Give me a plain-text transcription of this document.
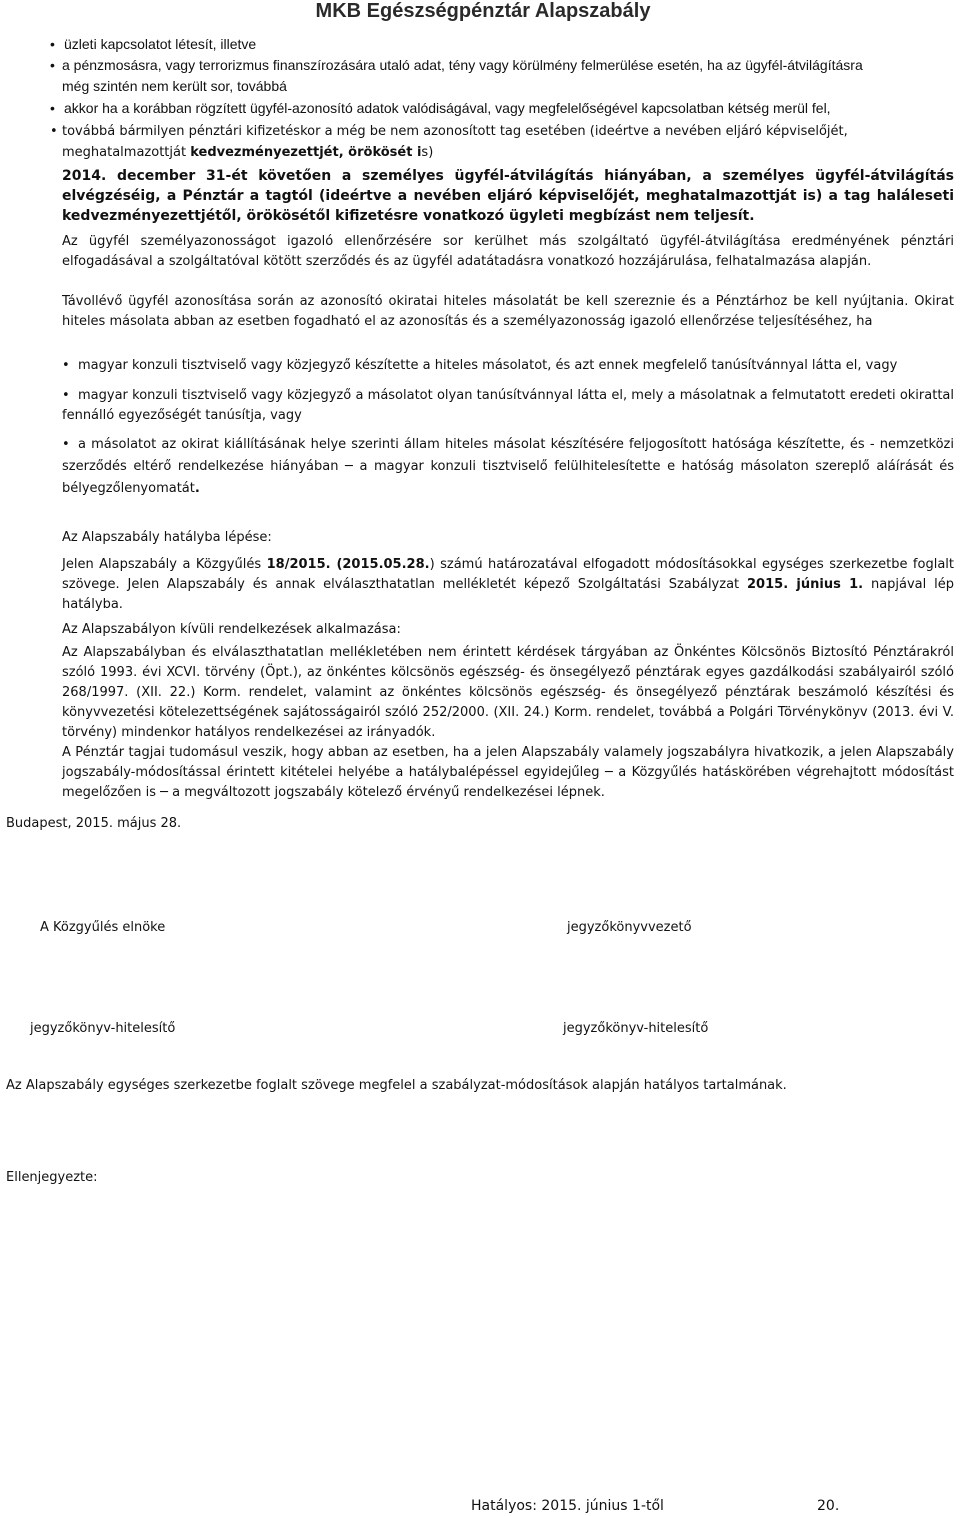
MKB Egészségpénztár Alapszabály
• üzleti kapcsolatot létesít, illetve
• a pénzmosásra, vagy terrorizmus finanszírozására utaló adat, tény vagy körülmény felmerülése esetén, ha az ügyfél-átvilágításra még szintén nem került sor, továbbá
• akkor ha a korábban rögzített ügyfél-azonosító adatok valódiságával, vagy megfelelőségével kapcsolatban kétség merül fel,
• továbbá bármilyen pénztári kifizetéskor a még be nem azonosított tag esetében (ideértve a nevében eljáró képviselőjét, meghatalmazottját kedvezményezettjét, örökösét is)
2014. december 31-ét követően a személyes ügyfél-átvilágítás hiányában, a személyes ügyfél-átvilágítás elvégzéséig, a Pénztár a tagtól (ideértve a nevében eljáró képviselőjét, meghatalmazottját is) a tag haláleseti kedvezményezettjétől, örökösétől kifizetésre vonatkozó ügyleti megbízást nem teljesít.
Az ügyfél személyazonosságot igazoló ellenőrzésére sor kerülhet más szolgáltató ügyfél-átvilágítása eredményének pénztári elfogadásával a szolgáltatóval kötött szerződés és az ügyfél adatátadásra vonatkozó hozzájárulása, felhatalmazása alapján.
Távollévő ügyfél azonosítása során az azonosító okiratai hiteles másolatát be kell szereznie és a Pénztárhoz be kell nyújtania. Okirat hiteles másolata abban az esetben fogadható el az azonosítás és a személyazonosság igazoló ellenőrzése teljesítéséhez, ha
• magyar konzuli tisztviselő vagy közjegyző készítette a hiteles másolatot, és azt ennek megfelelő tanúsítvánnyal látta el, vagy
• magyar konzuli tisztviselő vagy közjegyző a másolatot olyan tanúsítvánnyal látta el, mely a másolatnak a felmutatott eredeti okirattal fennálló egyezőségét tanúsítja, vagy
• a másolatot az okirat kiállításának helye szerinti állam hiteles másolat készítésére feljogosított hatósága készítette, és - nemzetközi szerződés eltérő rendelkezése hiányában ─ a magyar konzuli tisztviselő felülhitelesítette e hatóság másolaton szereplő aláírását és bélyegzőlenyomatát.
Az Alapszabály hatályba lépése:
Jelen Alapszabály a Közgyűlés 18/2015. (2015.05.28.) számú határozatával elfogadott módosításokkal egységes szerkezetbe foglalt szövege. Jelen Alapszabály és annak elválaszthatatlan mellékletét képező Szolgáltatási Szabályzat 2015. június 1. napjával lép hatályba.
Az Alapszabályon kívüli rendelkezések alkalmazása:
Az Alapszabályban és elválaszthatatlan mellékletében nem érintett kérdések tárgyában az Önkéntes Kölcsönös Biztosító Pénztárakról szóló 1993. évi XCVI. törvény (Öpt.), az önkéntes kölcsönös egészség- és önsegélyező pénztárak egyes gazdálkodási szabályairól szóló 268/1997. (XII. 22.) Korm. rendelet, valamint az önkéntes kölcsönös egészség- és önsegélyező pénztárak beszámoló készítési és könyvvezetési kötelezettségének sajátosságairól szóló 252/2000. (XII. 24.) Korm. rendelet, továbbá a Polgári Törvénykönyv (2013. évi V. törvény) mindenkor hatályos rendelkezései az irányadók.
A Pénztár tagjai tudomásul veszik, hogy abban az esetben, ha a jelen Alapszabály valamely jogszabályra hivatkozik, a jelen Alapszabály jogszabály-módosítással érintett kitételei helyébe a hatálybalépéssel egyidejűleg ─ a Közgyűlés hatáskörében végrehajtott módosítást megelőzően is ─ a megváltozott jogszabály kötelező érvényű rendelkezései lépnek.
Budapest, 2015. május 28.
A Közgyűlés elnöke	jegyzőkönyvvezető
jegyzőkönyv-hitelesítő	jegyzőkönyv-hitelesítő
Az Alapszabály egységes szerkezetbe foglalt szövege megfelel a szabályzat-módosítások alapján hatályos tartalmának.
Ellenjegyezte:
Hatályos: 2015. június 1-től	20.
